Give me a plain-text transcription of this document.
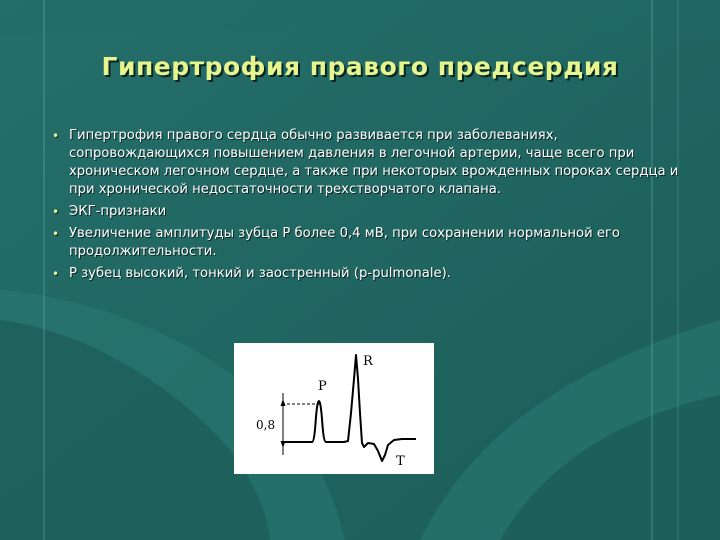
Гипертрофия правого предсердия
• Гипертрофия правого сердца обычно развивается при заболеваниях, сопровождающихся повышением давления в легочной артерии, чаще всего при хроническом легочном сердце, а также при некоторых врожденных пороках сердца и при хронической недостаточности трехстворчатого клапана.
• ЭКГ-признаки
• Увеличение амплитуды зубца Р более 0,4 мВ, при сохранении нормальной его продолжительности.
• Р зубец высокий, тонкий и заостренный (p-pulmonale).
0,8
P
R
T
